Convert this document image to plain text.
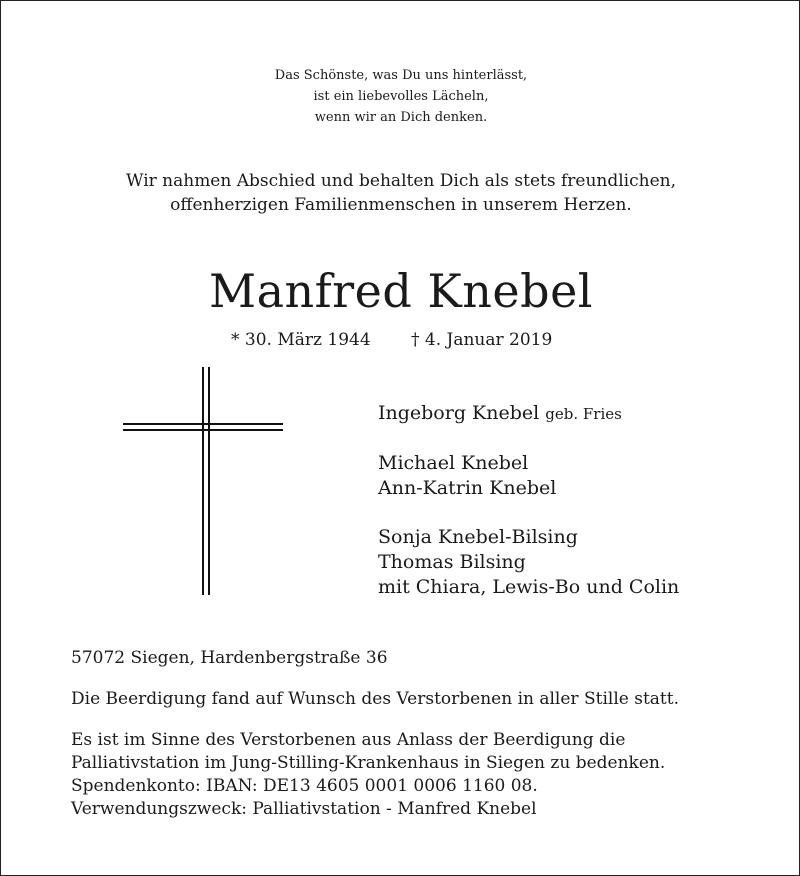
Das Schönste, was Du uns hinterlässt,
ist ein liebevolles Lächeln,
wenn wir an Dich denken.
Wir nahmen Abschied und behalten Dich als stets freundlichen,
offenherzigen Familienmenschen in unserem Herzen.
Manfred Knebel
* 30. März 1944 † 4. Januar 2019
Ingeborg Knebel geb. Fries
Michael Knebel
Ann-Katrin Knebel
Sonja Knebel-Bilsing
Thomas Bilsing
mit Chiara, Lewis-Bo und Colin
57072 Siegen, Hardenbergstraße 36
Die Beerdigung fand auf Wunsch des Verstorbenen in aller Stille statt.
Es ist im Sinne des Verstorbenen aus Anlass der Beerdigung die
Palliativstation im Jung-Stilling-Krankenhaus in Siegen zu bedenken.
Spendenkonto: IBAN: DE13 4605 0001 0006 1160 08.
Verwendungszweck: Palliativstation - Manfred Knebel
